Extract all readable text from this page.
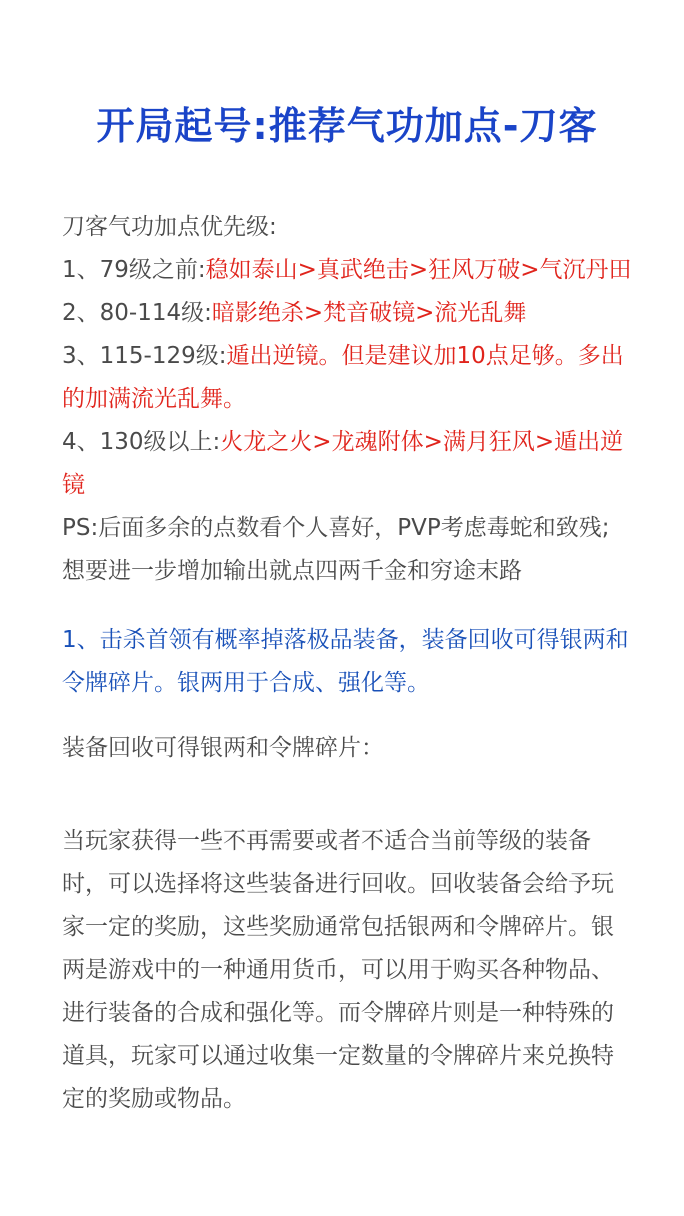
开局起号:推荐气功加点-刀客

刀客气功加点优先级:

1、79级之前:稳如泰山>真武绝击>狂风万破>气沉丹田

2、80-114级:暗影绝杀>梵音破镜>流光乱舞

3、115-129级:遁出逆镜。但是建议加10点足够。多出的加满流光乱舞。

4、130级以上:火龙之火>龙魂附体>满月狂风>遁出逆镜

PS:后面多余的点数看个人喜好，PVP考虑毒蛇和致残;想要进一步增加输出就点四两千金和穷途末路

1、击杀首领有概率掉落极品装备，装备回收可得银两和令牌碎片。银两用于合成、强化等。

装备回收可得银两和令牌碎片：
当玩家获得一些不再需要或者不适合当前等级的装备时，可以选择将这些装备进行回收。回收装备会给予玩家一定的奖励，这些奖励通常包括银两和令牌碎片。银两是游戏中的一种通用货币，可以用于购买各种物品、进行装备的合成和强化等。而令牌碎片则是一种特殊的道具，玩家可以通过收集一定数量的令牌碎片来兑换特定的奖励或物品。
